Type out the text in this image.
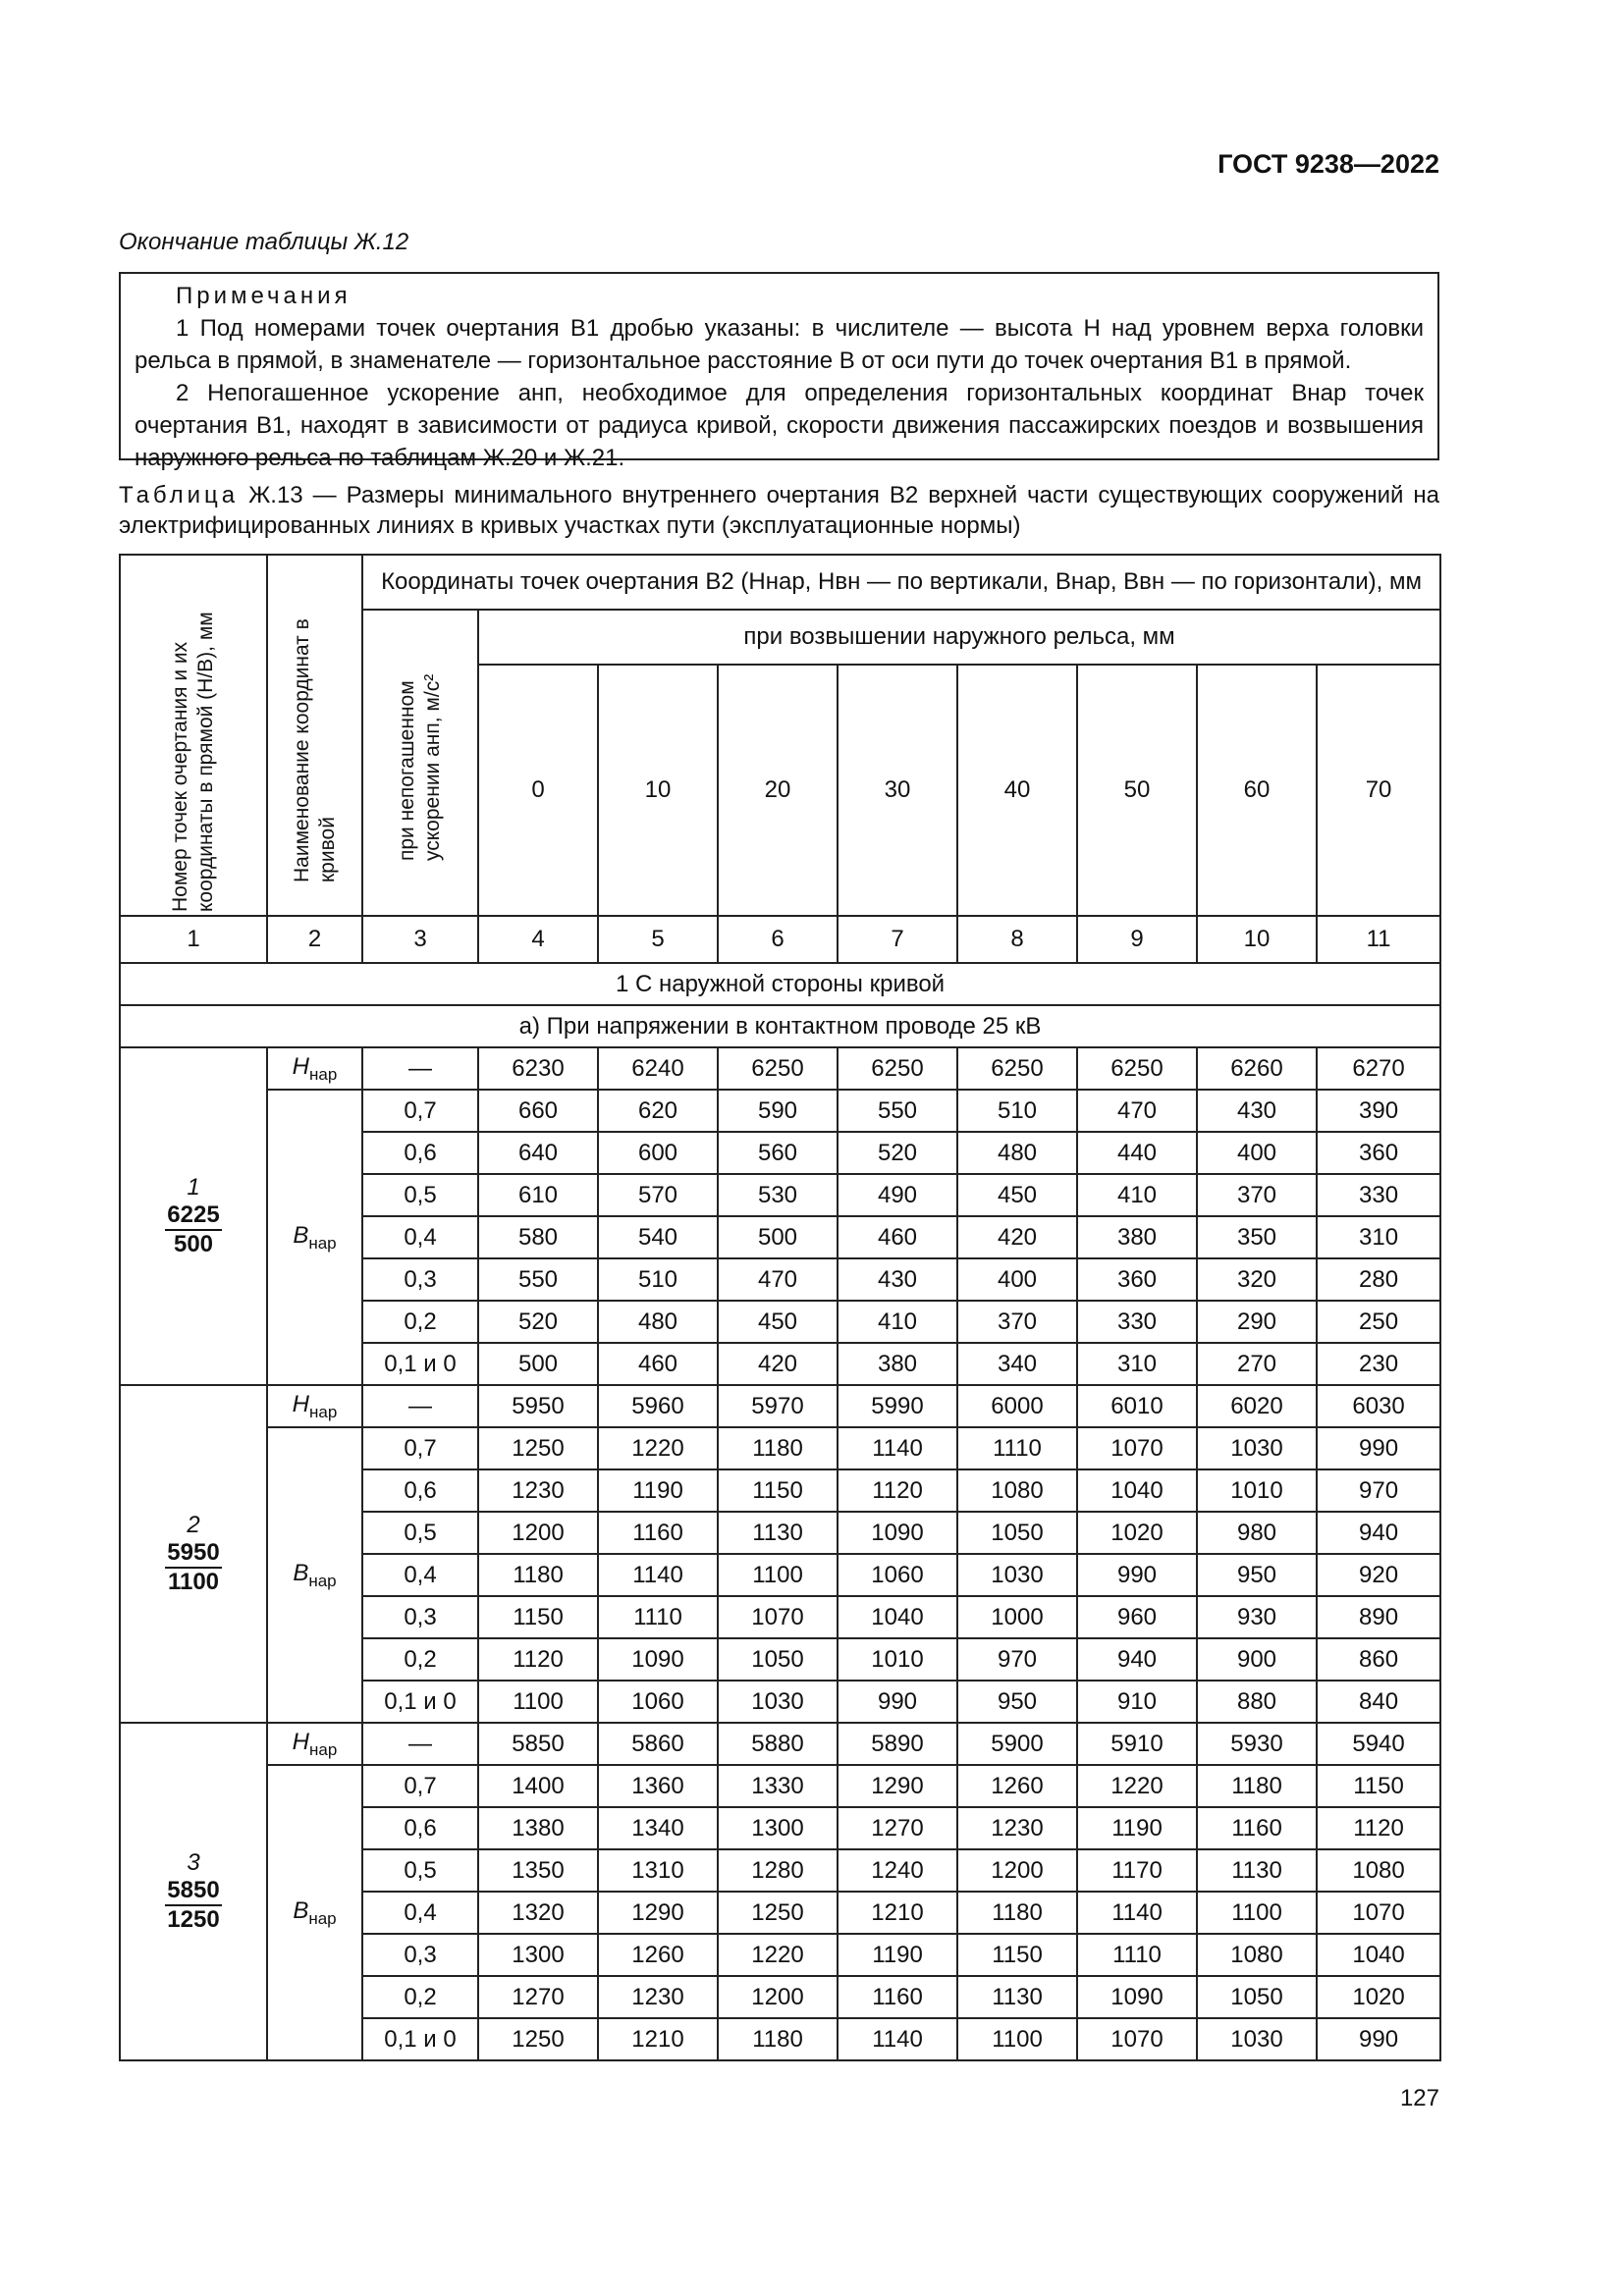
ГОСТ 9238—2022
Окончание таблицы Ж.12
Примечания

1 Под номерами точек очертания В1 дробью указаны: в числителе — высота H над уровнем верха головки рельса в прямой, в знаменателе — горизонтальное расстояние В от оси пути до точек очертания В1 в прямой.

2 Непогашенное ускорение aнп, необходимое для определения горизонтальных координат Внар точек очертания В1, находят в зависимости от радиуса кривой, скорости движения пассажирских поездов и возвышения наружного рельса по таблицам Ж.20 и Ж.21.

Таблица Ж.13 — Размеры минимального внутреннего очертания В2 верхней части существующих сооружений на электрифицированных линиях в кривых участках пути (эксплуатационные нормы)
Номер точек очертания и их координаты в прямой (H/B), мм	Наименование координат в кривой	Координаты точек очертания В2 (Hнар, Hвн — по вертикали, Внар, Ввн — по горизонтали), мм								

		при непогашенном ускорении aнп, м/с²	при возвышении наружного рельса, мм							
			0	10	20	30	40	50	60	70
1	2	3	4	5	6	7	8	9	10	11
1 С наружной стороны кривой										
а) При напряжении в контактном проводе 25 кВ										

1
$\frac{6225}{500}$	$H_{нар}$	—	6230	6240	6250	6250	6250	6250	6260	6270
	$В_{нар}$	0,7	660	620	590	550	510	470	430	390
		0,6	640	600	560	520	480	440	400	360
		0,5	610	570	530	490	450	410	370	330
		0,4	580	540	500	460	420	380	350	310
		0,3	550	510	470	430	400	360	320	280
		0,2	520	480	450	410	370	330	290	250
		0,1 и 0	500	460	420	380	340	310	270	230

2
$\frac{5950}{1100}$	$H_{нар}$	—	5950	5960	5970	5990	6000	6010	6020	6030
	$В_{нар}$	0,7	1250	1220	1180	1140	1110	1070	1030	990
		0,6	1230	1190	1150	1120	1080	1040	1010	970
		0,5	1200	1160	1130	1090	1050	1020	980	940
		0,4	1180	1140	1100	1060	1030	990	950	920
		0,3	1150	1110	1070	1040	1000	960	930	890
		0,2	1120	1090	1050	1010	970	940	900	860
		0,1 и 0	1100	1060	1030	990	950	910	880	840

3
$\frac{5850}{1250}$	$H_{нар}$	—	5850	5860	5880	5890	5900	5910	5930	5940
	$В_{нар}$	0,7	1400	1360	1330	1290	1260	1220	1180	1150
		0,6	1380	1340	1300	1270	1230	1190	1160	1120
		0,5	1350	1310	1280	1240	1200	1170	1130	1080
		0,4	1320	1290	1250	1210	1180	1140	1100	1070
		0,3	1300	1260	1220	1190	1150	1110	1080	1040
		0,2	1270	1230	1200	1160	1130	1090	1050	1020
		0,1 и 0	1250	1210	1180	1140	1100	1070	1030	990
127
